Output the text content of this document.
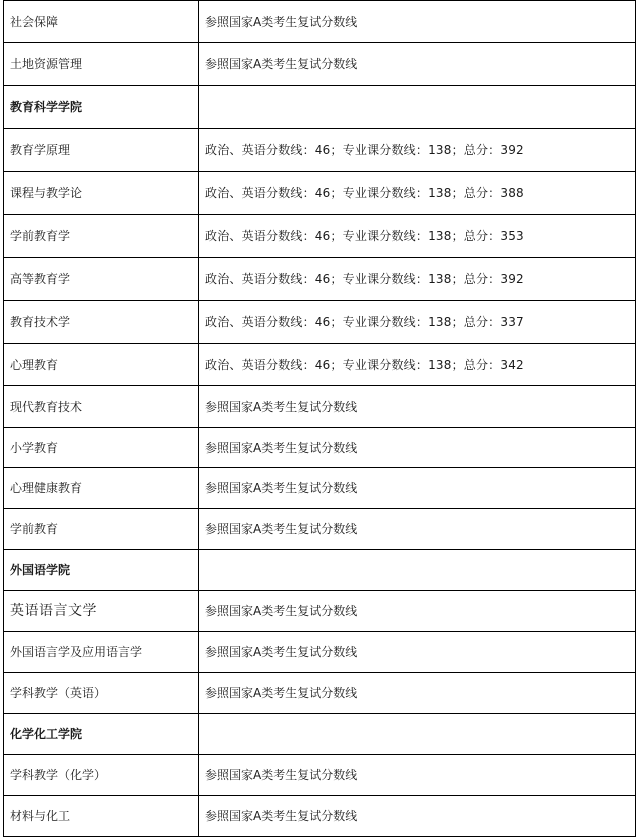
社会保障	参照国家A类考生复试分数线
土地资源管理	参照国家A类考生复试分数线
教育科学学院	
教育学原理	政治、英语分数线：46；专业课分数线：138；总分：392
课程与教学论	政治、英语分数线：46；专业课分数线：138；总分：388
学前教育学	政治、英语分数线：46；专业课分数线：138；总分：353
高等教育学	政治、英语分数线：46；专业课分数线：138；总分：392
教育技术学	政治、英语分数线：46；专业课分数线：138；总分：337
心理教育	政治、英语分数线：46；专业课分数线：138；总分：342
现代教育技术	参照国家A类考生复试分数线
小学教育	参照国家A类考生复试分数线
心理健康教育	参照国家A类考生复试分数线
学前教育	参照国家A类考生复试分数线
外国语学院	
英语语言文学	参照国家A类考生复试分数线
外国语言学及应用语言学	参照国家A类考生复试分数线
学科教学（英语）	参照国家A类考生复试分数线
化学化工学院	
学科教学（化学）	参照国家A类考生复试分数线
材料与化工	参照国家A类考生复试分数线
